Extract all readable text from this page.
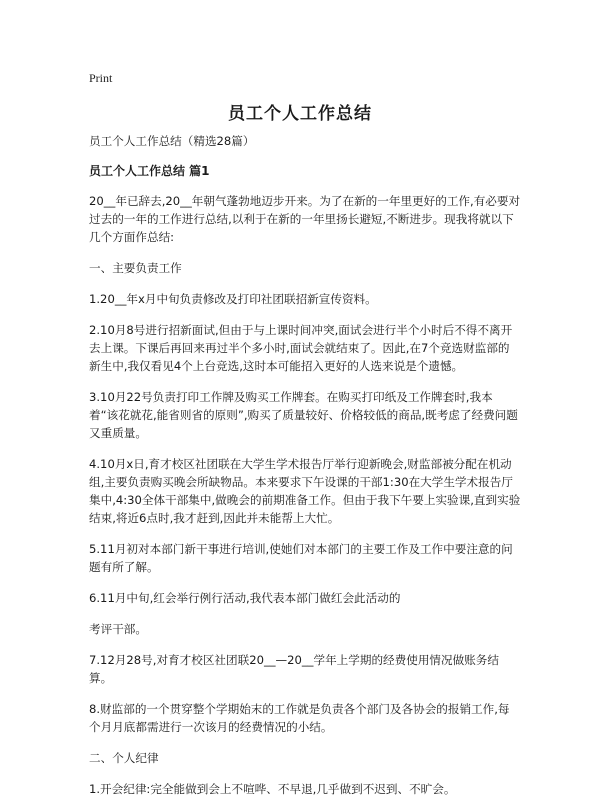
Print
员工个人工作总结

员工个人工作总结（精选28篇）

员工个人工作总结 篇1

20__年已辞去,20__年朝气蓬勃地迈步开来。为了在新的一年里更好的工作,有必要对过去的一年的工作进行总结,以利于在新的一年里扬长避短,不断进步。现我将就以下几个方面作总结:

一、主要负责工作

1.20__年x月中旬负责修改及打印社团联招新宣传资料。

2.10月8号进行招新面试,但由于与上课时间冲突,面试会进行半个小时后不得不离开去上课。下课后再回来再过半个多小时,面试会就结束了。因此,在7个竞选财监部的新生中,我仅看见4个上台竞选,这时本可能招入更好的人选来说是个遗憾。

3.10月22号负责打印工作牌及购买工作牌套。在购买打印纸及工作牌套时,我本着“该花就花,能省则省的原则”,购买了质量较好、价格较低的商品,既考虑了经费问题又重质量。

4.10月x日,育才校区社团联在大学生学术报告厅举行迎新晚会,财监部被分配在机动组,主要负责购买晚会所缺物品。本来要求下午设课的干部1:30在大学生学术报告厅集中,4:30全体干部集中,做晚会的前期准备工作。但由于我下午要上实验课,直到实验结束,将近6点时,我才赶到,因此并未能帮上大忙。

5.11月初对本部门新干事进行培训,使她们对本部门的主要工作及工作中要注意的问题有所了解。

6.11月中旬,红会举行例行活动,我代表本部门做红会此活动的

考评干部。

7.12月28号,对育才校区社团联20__—20__学年上学期的经费使用情况做账务结算。

8.财监部的一个贯穿整个学期始末的工作就是负责各个部门及各协会的报销工作,每个月月底都需进行一次该月的经费情况的小结。

二、个人纪律

1.开会纪律:完全能做到会上不喧哗、不早退,几乎做到不迟到、不旷会。
